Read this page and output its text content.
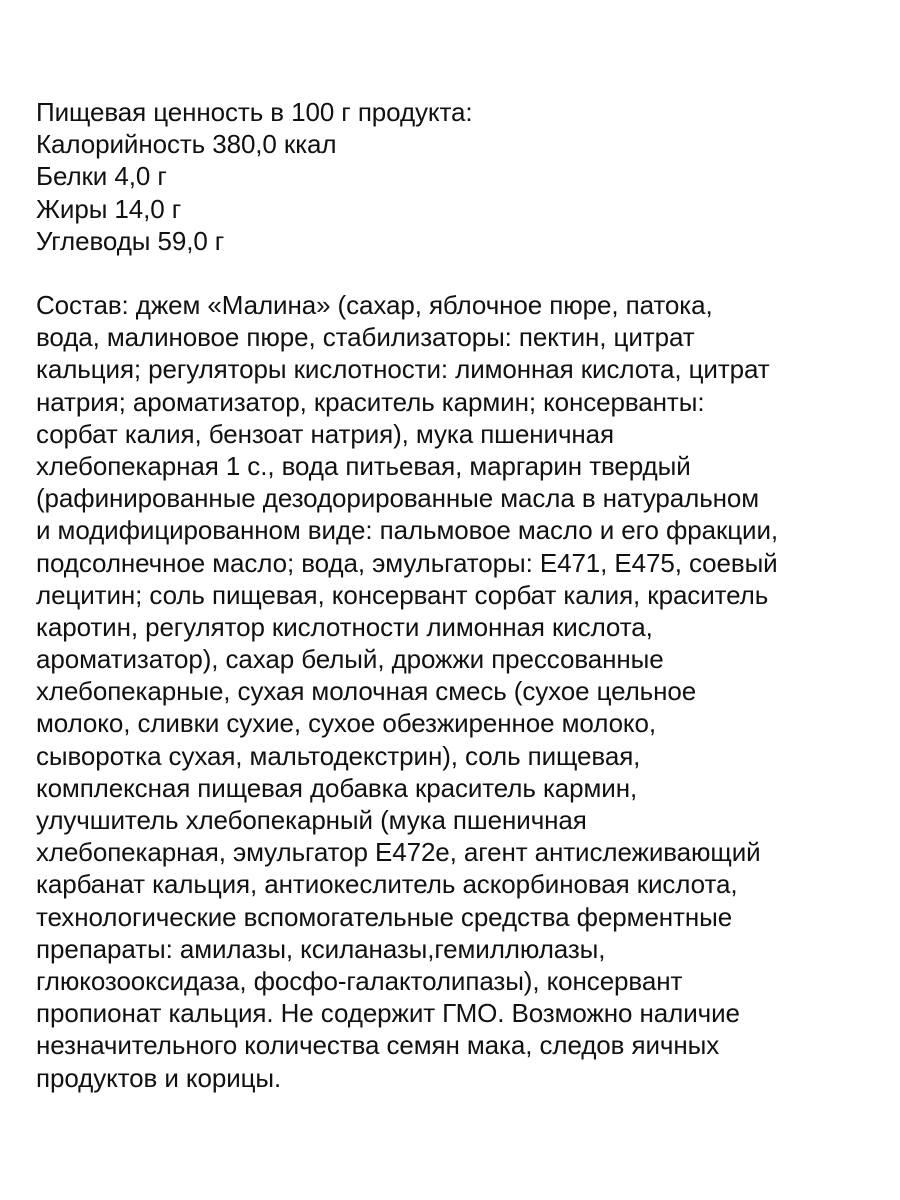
Пищевая ценность в 100 г продукта:
Калорийность 380,0 ккал
Белки 4,0 г
Жиры 14,0 г
Углеводы 59,0 г
Состав: джем «Малина» (сахар, яблочное пюре, патока,
вода, малиновое пюре, стабилизаторы: пектин, цитрат
кальция; регуляторы кислотности: лимонная кислота, цитрат
натрия; ароматизатор, краситель кармин; консерванты:
сорбат калия, бензоат натрия), мука пшеничная
хлебопекарная 1 с., вода питьевая, маргарин твердый
(рафинированные дезодорированные масла в натуральном
и модифицированном виде: пальмовое масло и его фракции,
подсолнечное масло; вода, эмульгаторы: Е471, Е475, соевый
лецитин; соль пищевая, консервант сорбат калия, краситель
каротин, регулятор кислотности лимонная кислота,
ароматизатор), сахар белый, дрожжи прессованные
хлебопекарные, сухая молочная смесь (сухое цельное
молоко, сливки сухие, сухое обезжиренное молоко,
сыворотка сухая, мальтодекстрин), соль пищевая,
комплексная пищевая добавка краситель кармин,
улучшитель хлебопекарный (мука пшеничная
хлебопекарная, эмульгатор Е472е, агент антислеживающий
карбанат кальция, антиокеслитель аскорбиновая кислота,
технологические вспомогательные средства ферментные
препараты: амилазы, ксиланазы,гемиллюлазы,
глюкозооксидаза, фосфо-галактолипазы), консервант
пропионат кальция. Не содержит ГМО. Возможно наличие
незначительного количества семян мака, следов яичных
продуктов и корицы.
